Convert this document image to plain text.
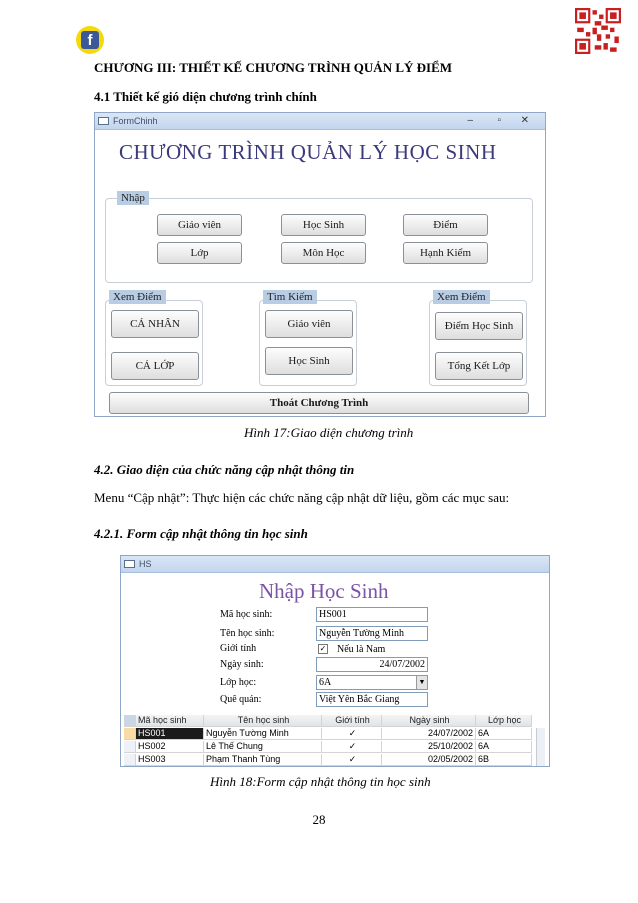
f
CHƯƠNG III: THIẾT KẾ CHƯƠNG TRÌNH QUẢN LÝ ĐIỂM
4.1 Thiết kế gió diện chương trình chính
FormChinh	– ▫ ✕
CHƯƠNG TRÌNH QUẢN LÝ HỌC SINH
Nhập
Giáo viên	Học Sinh	Điểm
Lớp	Môn Học	Hạnh Kiểm
Xem Điểm
CÁ NHÂN
CẢ LỚP
Tìm Kiếm
Giáo viên
Học Sinh
Xem Điểm
Điểm Học Sinh
Tổng Kết Lớp
Thoát Chương Trình
Hình 17:Giao diện chương trình
4.2. Giao diện của chức năng cập nhật thông tin
Menu “Cập nhật”: Thực hiện các chức năng cập nhật dữ liệu, gồm các mục sau:
4.2.1. Form cập nhật thông tin học sinh
HS
Nhập Học Sinh
Mã học sinh:	HS001
Tên học sinh:	Nguyễn Tường Minh
Giới tính	✓ Nếu là Nam
Ngày sinh:	24/07/2002
Lớp học:	6A	▼
Quê quán:	Việt Yên Bắc Giang
Mã học sinh	Tên học sinh	Giới tính	Ngày sinh	Lớp học
HS001	Nguyễn Tường Minh	✓	24/07/2002 6A
HS002	Lê Thế Chung	✓	25/10/2002 6A
HS003	Phạm Thanh Tùng	✓	02/05/2002 6B
Hình 18:Form cập nhật thông tin học sinh
28
